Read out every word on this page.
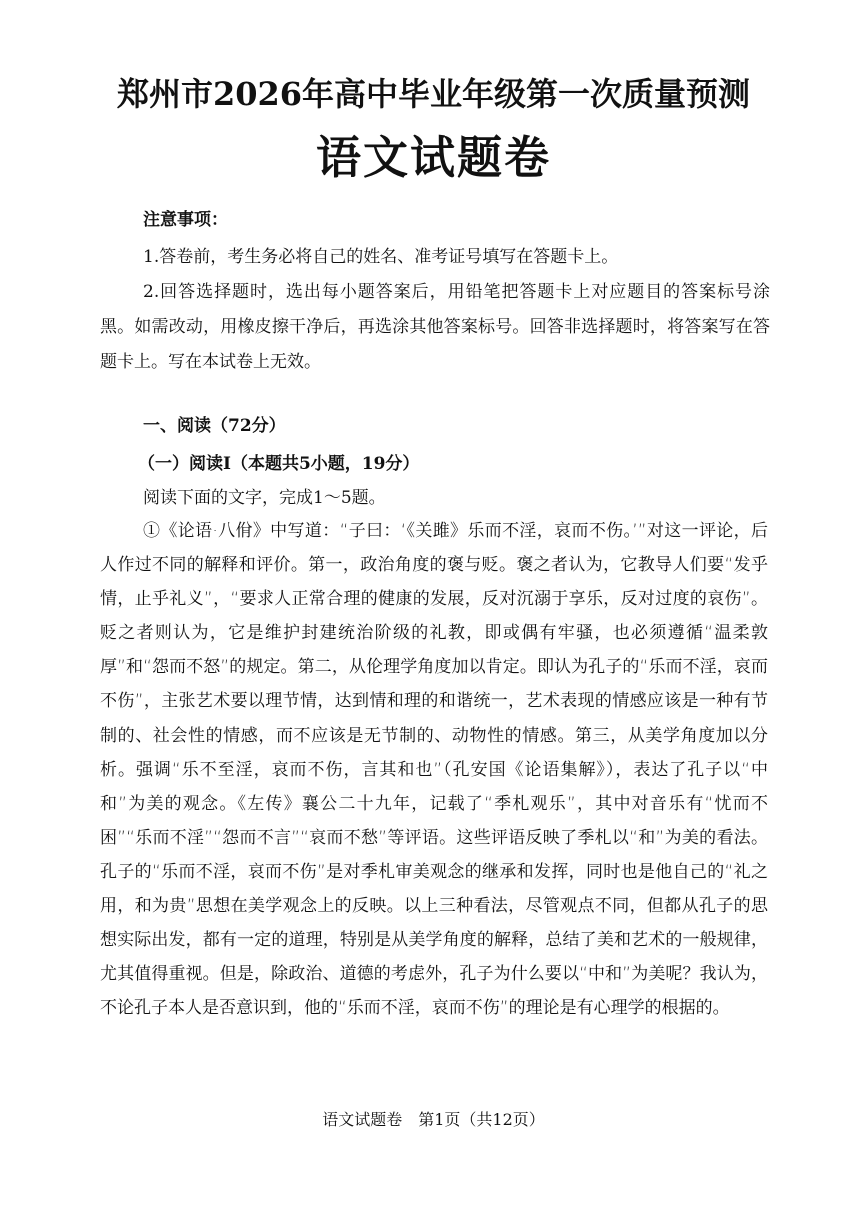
郑州市2026年高中毕业年级第一次质量预测
语文试题卷
注意事项：

1.答卷前，考生务必将自己的姓名、准考证号填写在答题卡上。

2.回答选择题时，选出每小题答案后，用铅笔把答题卡上对应题目的答案标号涂黑。如需改动，用橡皮擦干净后，再选涂其他答案标号。回答非选择题时，将答案写在答题卡上。写在本试卷上无效。

一、阅读（72分）
（一）阅读Ⅰ（本题共5小题，19分）
阅读下面的文字，完成1～5题。

①《论语·八佾》中写道：“子曰：‘《关雎》乐而不淫，哀而不伤。’”对这一评论，后人作过不同的解释和评价。第一，政治角度的褒与贬。褒之者认为，它教导人们要“发乎情，止乎礼义”，“要求人正常合理的健康的发展，反对沉溺于享乐，反对过度的哀伤”。贬之者则认为，它是维护封建统治阶级的礼教，即或偶有牢骚，也必须遵循“温柔敦厚”和“怨而不怒”的规定。第二，从伦理学角度加以肯定。即认为孔子的“乐而不淫，哀而不伤”，主张艺术要以理节情，达到情和理的和谐统一，艺术表现的情感应该是一种有节制的、社会性的情感，而不应该是无节制的、动物性的情感。第三，从美学角度加以分析。强调“乐不至淫，哀而不伤，言其和也”（孔安国《论语集解》），表达了孔子以“中和”为美的观念。《左传》襄公二十九年，记载了“季札观乐”，其中对音乐有“忧而不困”“乐而不淫”“怨而不言”“哀而不愁”等评语。这些评语反映了季札以“和”为美的看法。孔子的“乐而不淫，哀而不伤”是对季札审美观念的继承和发挥，同时也是他自己的“礼之用，和为贵”思想在美学观念上的反映。以上三种看法，尽管观点不同，但都从孔子的思想实际出发，都有一定的道理，特别是从美学角度的解释，总结了美和艺术的一般规律，尤其值得重视。但是，除政治、道德的考虑外，孔子为什么要以“中和”为美呢？我认为，不论孔子本人是否意识到，他的“乐而不淫，哀而不伤”的理论是有心理学的根据的。

语文试题卷　第1页（共12页）
